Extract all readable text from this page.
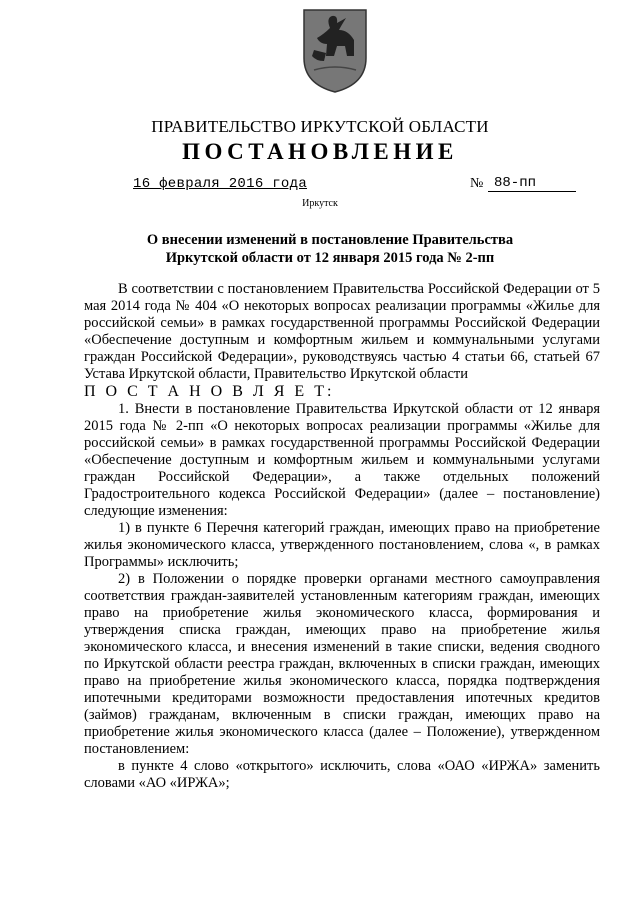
ПРАВИТЕЛЬСТВО ИРКУТСКОЙ ОБЛАСТИ
ПОСТАНОВЛЕНИЕ
16 февраля 2016 года	№ 88-пп
Иркутск
О внесении изменений в постановление Правительства
Иркутской области от 12 января 2015 года № 2-пп

В соответствии с постановлением Правительства Российской Федерации от 5 мая 2014 года № 404 «О некоторых вопросах реализации программы «Жилье для российской семьи» в рамках государственной программы Российской Федерации «Обеспечение доступным и комфортным жильем и коммунальными услугами граждан Российской Федерации», руководствуясь частью 4 статьи 66, статьей 67 Устава Иркутской области, Правительство Иркутской области

П О С Т А Н О В Л Я Е Т:

1. Внести в постановление Правительства Иркутской области от 12 января 2015 года № 2-пп «О некоторых вопросах реализации программы «Жилье для российской семьи» в рамках государственной программы Российской Федерации «Обеспечение доступным и комфортным жильем и коммунальными услугами граждан Российской Федерации», а также отдельных положений Градостроительного кодекса Российской Федерации» (далее – постановление) следующие изменения:

1) в пункте 6 Перечня категорий граждан, имеющих право на приобретение жилья экономического класса, утвержденного постановлением, слова «, в рамках Программы» исключить;

2) в Положении о порядке проверки органами местного самоуправления соответствия граждан-заявителей установленным категориям граждан, имеющих право на приобретение жилья экономического класса, формирования и утверждения списка граждан, имеющих право на приобретение жилья экономического класса, и внесения изменений в такие списки, ведения сводного по Иркутской области реестра граждан, включенных в списки граждан, имеющих право на приобретение жилья экономического класса, порядка подтверждения ипотечными кредиторами возможности предоставления ипотечных кредитов (займов) гражданам, включенным в списки граждан, имеющих право на приобретение жилья экономического класса (далее – Положение), утвержденном постановлением:

в пункте 4 слово «открытого» исключить, слова «ОАО «ИРЖА» заменить словами «АО «ИРЖА»;
